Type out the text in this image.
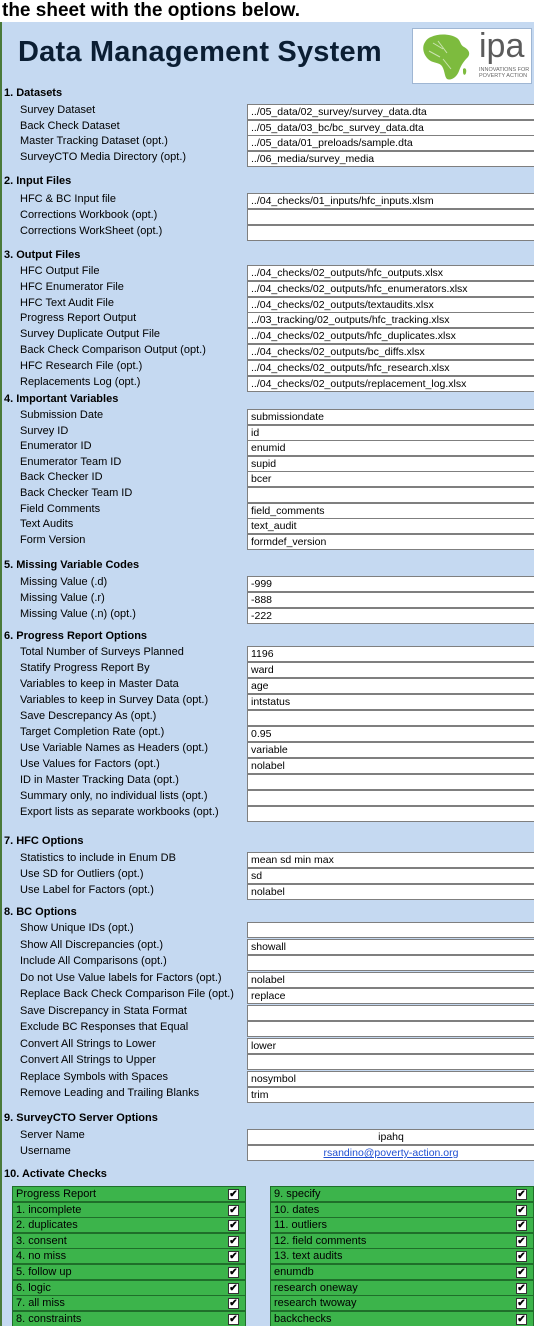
the sheet with the options below.
Data Management System	ipa
INNOVATIONS FOR POVERTY ACTION
1. Datasets
Survey Dataset	../05_data/02_survey/survey_data.dta
Back Check Dataset	../05_data/03_bc/bc_survey_data.dta
Master Tracking Dataset (opt.)	../05_data/01_preloads/sample.dta
SurveyCTO Media Directory (opt.)	../06_media/survey_media
2. Input Files
HFC & BC Input file	../04_checks/01_inputs/hfc_inputs.xlsm
Corrections Workbook (opt.)
Corrections WorkSheet (opt.)
3. Output Files
HFC Output File	../04_checks/02_outputs/hfc_outputs.xlsx
HFC Enumerator File	../04_checks/02_outputs/hfc_enumerators.xlsx
HFC Text Audit File	../04_checks/02_outputs/textaudits.xlsx
Progress Report Output	../03_tracking/02_outputs/hfc_tracking.xlsx
Survey Duplicate Output File	../04_checks/02_outputs/hfc_duplicates.xlsx
Back Check Comparison Output (opt.)	../04_checks/02_outputs/bc_diffs.xlsx
HFC Research File (opt.)	../04_checks/02_outputs/hfc_research.xlsx
Replacements Log (opt.)	../04_checks/02_outputs/replacement_log.xlsx
4. Important Variables
Submission Date	submissiondate
Survey ID	id
Enumerator ID	enumid
Enumerator Team ID	supid
Back Checker ID	bcer
Back Checker Team ID
Field Comments	field_comments
Text Audits	text_audit
Form Version	formdef_version
5. Missing Variable Codes
Missing Value (.d)	-999
Missing Value (.r)	-888
Missing Value (.n) (opt.)	-222
6. Progress Report Options
Total Number of Surveys Planned	1196
Statify Progress Report By	ward
Variables to keep in Master Data	age
Variables to keep in Survey Data (opt.)	intstatus
Save Descrepancy As (opt.)
Target Completion Rate (opt.)	0.95
Use Variable Names as Headers (opt.)	variable
Use Values for Factors (opt.)	nolabel
ID in Master Tracking Data (opt.)
Summary only, no individual lists (opt.)
Export lists as separate workbooks (opt.)
7. HFC Options
Statistics to include in Enum DB	mean sd min max
Use SD for Outliers (opt.)	sd
Use Label for Factors (opt.)	nolabel
8. BC Options
Show Unique IDs (opt.)
Show All Discrepancies (opt.)	showall
Include All Comparisons (opt.)
Do not Use Value labels for Factors (opt.)	nolabel
Replace Back Check Comparison File (opt.)	replace
Save Discrepancy in Stata Format
Exclude BC Responses that Equal
Convert All Strings to Lower	lower
Convert All Strings to Upper
Replace Symbols with Spaces	nosymbol
Remove Leading and Trailing Blanks	trim
9. SurveyCTO Server Options
Server Name	ipahq
Username	rsandino@poverty-action.org
10. Activate Checks
Progress Report	✔
1. incomplete	✔
2. duplicates	✔
3. consent	✔
4. no miss	✔
5. follow up	✔
6. logic	✔
7. all miss	✔
8. constraints	✔
9. specify	✔
10. dates	✔
11. outliers	✔
12. field comments	✔
13. text audits	✔
enumdb	✔
research oneway	✔
research twoway	✔
backchecks	✔
